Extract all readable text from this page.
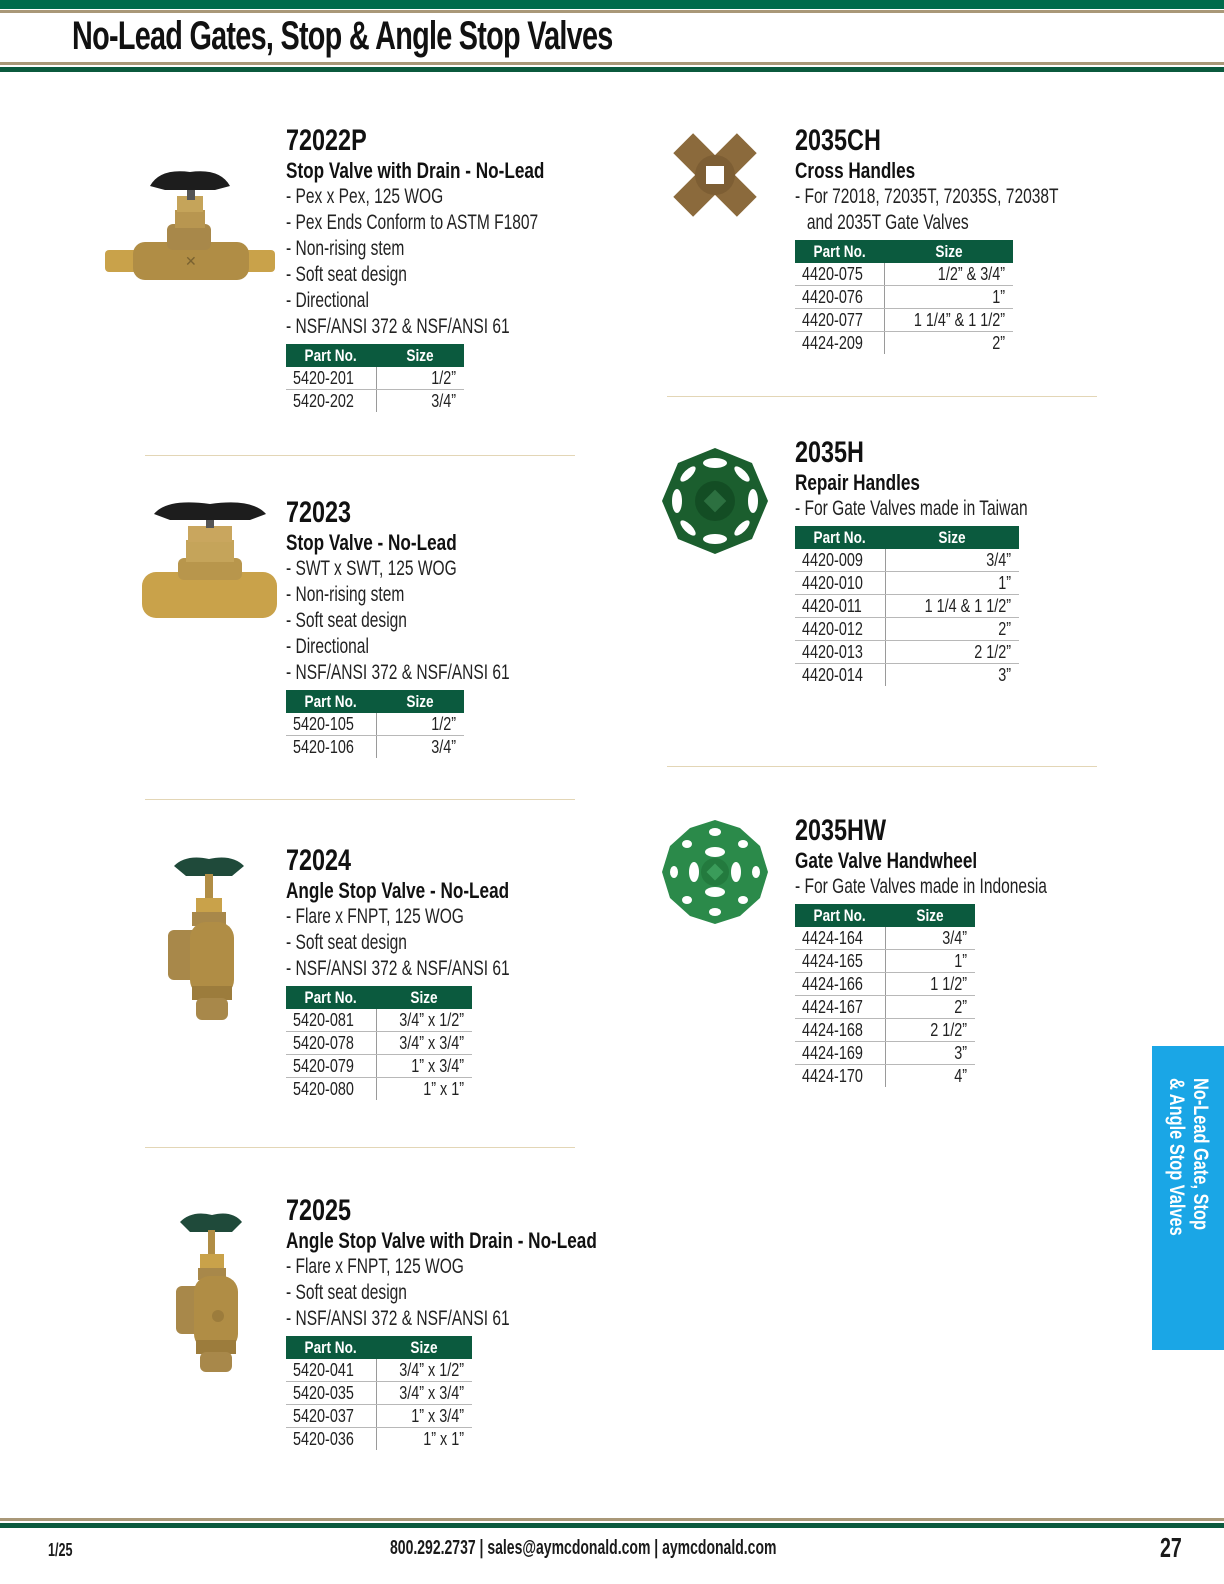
No-Lead Gates, Stop & Angle Stop Valves
✕
72022P
Stop Valve with Drain - No-Lead
- Pex x Pex, 125 WOG
- Pex Ends Conform to ASTM F1807
- Non-rising stem
- Soft seat design
- Directional
- NSF/ANSI 372 & NSF/ANSI 61
Part No.	Size
5420-201	1/2”
5420-202	3/4”
72023
Stop Valve - No-Lead
- SWT x SWT, 125 WOG
- Non-rising stem
- Soft seat design
- Directional
- NSF/ANSI 372 & NSF/ANSI 61
Part No.	Size
5420-105	1/2”
5420-106	3/4”
72024
Angle Stop Valve - No-Lead
- Flare x FNPT, 125 WOG
- Soft seat design
- NSF/ANSI 372 & NSF/ANSI 61
Part No.	Size
5420-081	3/4” x 1/2”
5420-078	3/4” x 3/4”
5420-079	1” x 3/4”
5420-080	1” x 1”
72025
Angle Stop Valve with Drain - No-Lead
- Flare x FNPT, 125 WOG
- Soft seat design
- NSF/ANSI 372 & NSF/ANSI 61
Part No.	Size
5420-041	3/4” x 1/2”
5420-035	3/4” x 3/4”
5420-037	1” x 3/4”
5420-036	1” x 1”
2035CH
Cross Handles
- For 72018, 72035T, 72035S, 72038T
and 2035T Gate Valves
Part No.	Size
4420-075	1/2” & 3/4”
4420-076	1”
4420-077	1 1/4” & 1 1/2”
4424-209	2”
2035H
Repair Handles
- For Gate Valves made in Taiwan
Part No.	Size
4420-009	3/4”
4420-010	1”
4420-011	1 1/4 & 1 1/2”
4420-012	2”
4420-013	2 1/2”
4420-014	3”
2035HW
Gate Valve Handwheel
- For Gate Valves made in Indonesia
Part No.	Size
4424-164	3/4”
4424-165	1”
4424-166	1 1/2”
4424-167	2”
4424-168	2 1/2”
4424-169	3”
4424-170	4”
No-Lead Gate, Stop
& Angle Stop Valves
1/25	800.292.2737 | sales@aymcdonald.com | aymcdonald.com	27
